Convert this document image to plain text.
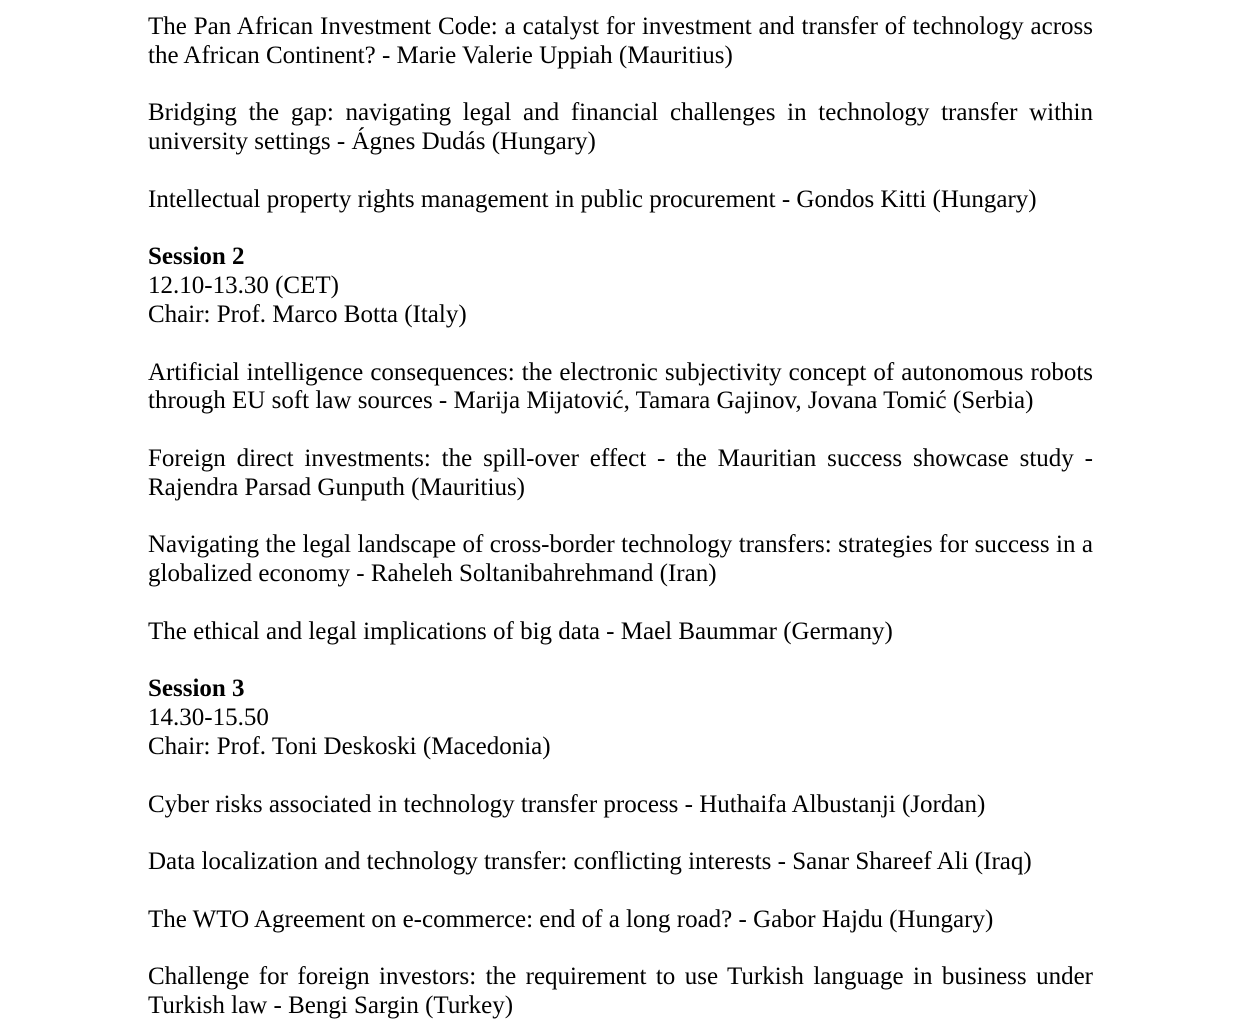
The Pan African Investment Code: a catalyst for investment and transfer of technology across the African Continent? - Marie Valerie Uppiah (Mauritius)

Bridging the gap: navigating legal and financial challenges in technology transfer within university settings - Ágnes Dudás (Hungary)

Intellectual property rights management in public procurement - Gondos Kitti (Hungary)

Session 2

12.10-13.30 (CET)

Chair: Prof. Marco Botta (Italy)

Artificial intelligence consequences: the electronic subjectivity concept of autonomous robots through EU soft law sources - Marija Mijatović, Tamara Gajinov, Jovana Tomić (Serbia)

Foreign direct investments: the spill-over effect - the Mauritian success showcase study - Rajendra Parsad Gunputh (Mauritius)

Navigating the legal landscape of cross-border technology transfers: strategies for success in a globalized economy - Raheleh Soltanibahrehmand (Iran)

The ethical and legal implications of big data - Mael Baummar (Germany)

Session 3

14.30-15.50

Chair: Prof. Toni Deskoski (Macedonia)

Cyber risks associated in technology transfer process - Huthaifa Albustanji (Jordan)

Data localization and technology transfer: conflicting interests - Sanar Shareef Ali (Iraq)

The WTO Agreement on e-commerce: end of a long road? - Gabor Hajdu (Hungary)

Challenge for foreign investors: the requirement to use Turkish language in business under Turkish law - Bengi Sargin (Turkey)
